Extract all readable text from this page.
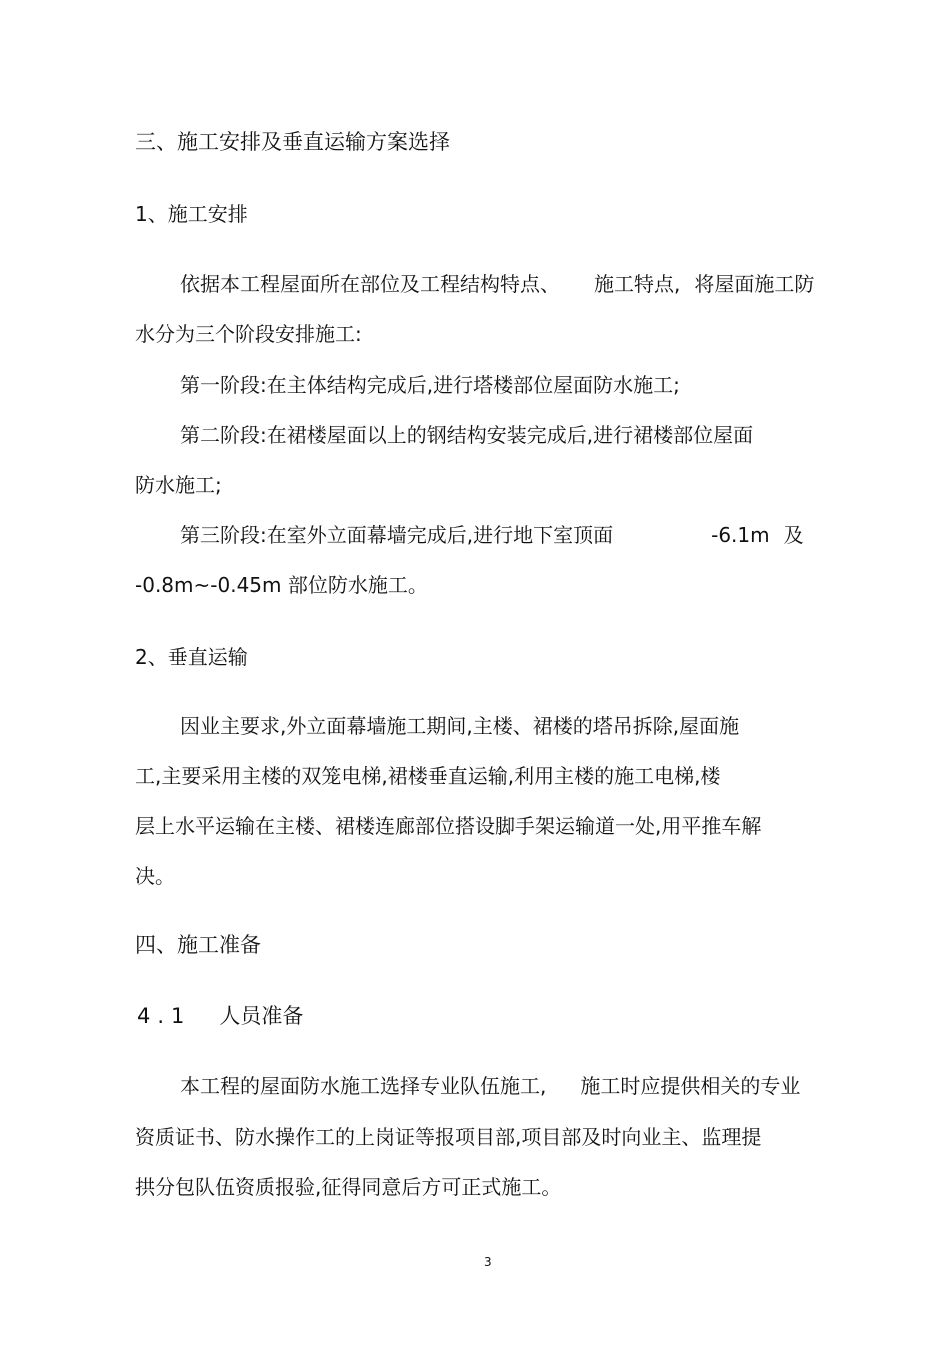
三、施工安排及垂直运输方案选择

1、施工安排

依据本工程屋面所在部位及工程结构特点、 施工特点, 将屋面施工防

水分为三个阶段安排施工:

第一阶段:在主体结构完成后,进行塔楼部位屋面防水施工;

第二阶段:在裙楼屋面以上的钢结构安装完成后,进行裙楼部位屋面

防水施工;

第三阶段:在室外立面幕墙完成后,进行地下室顶面	-6.1m 及

-0.8m~-0.45m 部位防水施工。

2、垂直运输

因业主要求,外立面幕墙施工期间,主楼、裙楼的塔吊拆除,屋面施

工,主要采用主楼的双笼电梯,裙楼垂直运输,利用主楼的施工电梯,楼

层上水平运输在主楼、裙楼连廊部位搭设脚手架运输道一处,用平推车解

决。

四、施工准备

4.1 人员准备

本工程的屋面防水施工选择专业队伍施工, 施工时应提供相关的专业

资质证书、防水操作工的上岗证等报项目部,项目部及时向业主、监理提

拱分包队伍资质报验,征得同意后方可正式施工。

3
